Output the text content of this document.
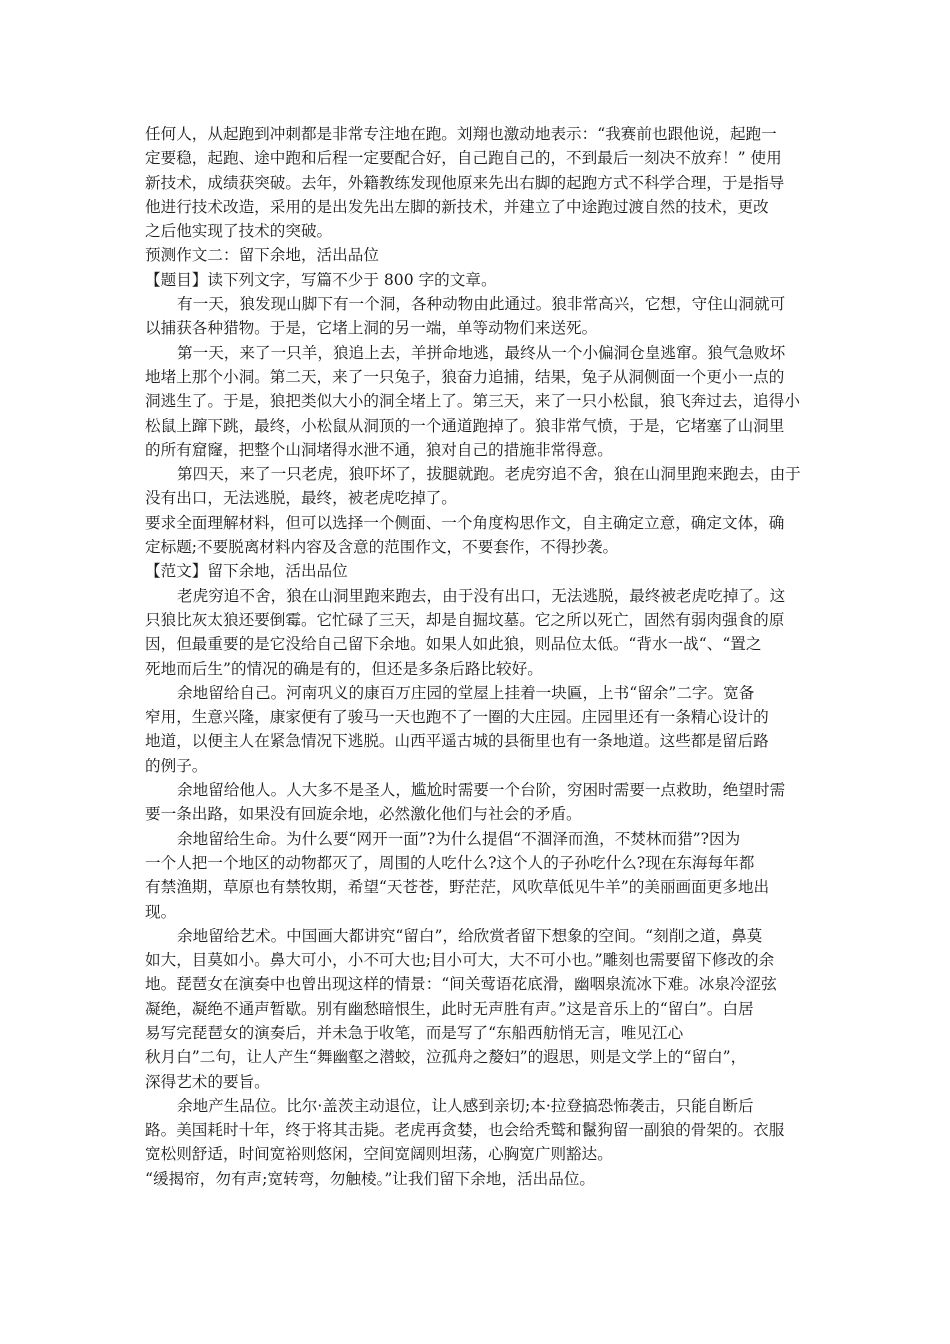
任何人，从起跑到冲刺都是非常专注地在跑。刘翔也激动地表示：“我赛前也跟他说，起跑一

定要稳，起跑、途中跑和后程一定要配合好，自己跑自己的，不到最后一刻决不放弃！” 使用

新技术，成绩获突破。去年，外籍教练发现他原来先出右脚的起跑方式不科学合理，于是指导

他进行技术改造，采用的是出发先出左脚的新技术，并建立了中途跑过渡自然的技术，更改

之后他实现了技术的突破。

预测作文二：留下余地，活出品位

【题目】读下列文字，写篇不少于 800 字的文章。

有一天，狼发现山脚下有一个洞，各种动物由此通过。狼非常高兴，它想，守住山洞就可

以捕获各种猎物。于是，它堵上洞的另一端，单等动物们来送死。

第一天，来了一只羊，狼追上去，羊拼命地逃，最终从一个小偏洞仓皇逃窜。狼气急败坏

地堵上那个小洞。第二天，来了一只兔子，狼奋力追捕，结果，兔子从洞侧面一个更小一点的

洞逃生了。于是，狼把类似大小的洞全堵上了。第三天，来了一只小松鼠，狼飞奔过去，追得小

松鼠上蹿下跳，最终，小松鼠从洞顶的一个通道跑掉了。狼非常气愤，于是，它堵塞了山洞里

的所有窟窿，把整个山洞堵得水泄不通，狼对自己的措施非常得意。

第四天，来了一只老虎，狼吓坏了，拔腿就跑。老虎穷追不舍，狼在山洞里跑来跑去，由于

没有出口，无法逃脱，最终，被老虎吃掉了。

要求全面理解材料，但可以选择一个侧面、一个角度构思作文，自主确定立意，确定文体，确

定标题;不要脱离材料内容及含意的范围作文，不要套作，不得抄袭。

【范文】留下余地，活出品位

老虎穷追不舍，狼在山洞里跑来跑去，由于没有出口，无法逃脱，最终被老虎吃掉了。这

只狼比灰太狼还要倒霉。它忙碌了三天，却是自掘坟墓。它之所以死亡，固然有弱肉强食的原

因，但最重要的是它没给自己留下余地。如果人如此狼，则品位太低。“背水一战“、“置之

死地而后生”的情况的确是有的，但还是多条后路比较好。

余地留给自己。河南巩义的康百万庄园的堂屋上挂着一块匾，上书“留余”二字。宽备

窄用，生意兴隆，康家便有了骏马一天也跑不了一圈的大庄园。庄园里还有一条精心设计的

地道，以便主人在紧急情况下逃脱。山西平遥古城的县衙里也有一条地道。这些都是留后路

的例子。

余地留给他人。人大多不是圣人，尴尬时需要一个台阶，穷困时需要一点救助，绝望时需

要一条出路，如果没有回旋余地，必然激化他们与社会的矛盾。

余地留给生命。为什么要“网开一面”?为什么提倡“不涸泽而渔，不焚林而猎”?因为

一个人把一个地区的动物都灭了，周围的人吃什么?这个人的子孙吃什么?现在东海每年都

有禁渔期，草原也有禁牧期，希望“天苍苍，野茫茫，风吹草低见牛羊”的美丽画面更多地出

现。

余地留给艺术。中国画大都讲究“留白”，给欣赏者留下想象的空间。“刻削之道，鼻莫

如大，目莫如小。鼻大可小，小不可大也;目小可大，大不可小也。”雕刻也需要留下修改的余

地。琵琶女在演奏中也曾出现这样的情景：“间关莺语花底滑，幽咽泉流冰下难。冰泉冷涩弦

凝绝，凝绝不通声暂歇。别有幽愁暗恨生，此时无声胜有声。”这是音乐上的“留白”。白居

易写完琵琶女的演奏后，并未急于收笔，而是写了“东船西舫悄无言，唯见江心

秋月白”二句，让人产生“舞幽壑之潜蛟，泣孤舟之嫠妇”的遐思，则是文学上的“留白”，

深得艺术的要旨。

余地产生品位。比尔·盖茨主动退位，让人感到亲切;本·拉登搞恐怖袭击，只能自断后

路。美国耗时十年，终于将其击毙。老虎再贪婪，也会给秃鹫和鬣狗留一副狼的骨架的。衣服

宽松则舒适，时间宽裕则悠闲，空间宽阔则坦荡，心胸宽广则豁达。

“缓揭帘，勿有声;宽转弯，勿触棱。”让我们留下余地，活出品位。
